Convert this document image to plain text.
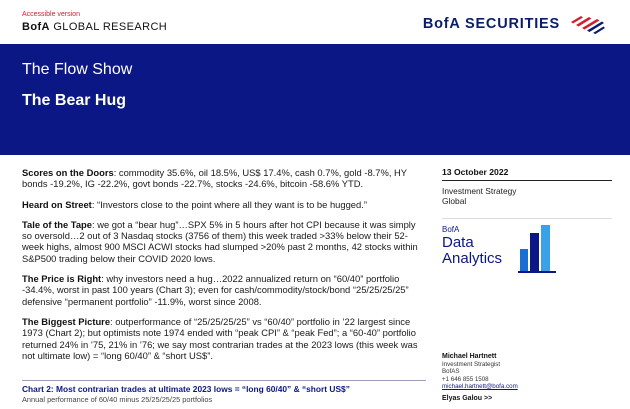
Accessible version
BofA GLOBAL RESEARCH	BofA SECURITIES
The Flow Show
The Bear Hug

Scores on the Doors: commodity 35.6%, oil 18.5%, US$ 17.4%, cash 0.7%, gold -8.7%, HY bonds -19.2%, IG -22.2%, govt bonds -22.7%, stocks -24.6%, bitcoin -58.6% YTD.

Heard on Street: “Investors close to the point where all they want is to be hugged.”

Tale of the Tape: we got a “bear hug”…SPX 5% in 5 hours after hot CPI because it was simply so oversold…2 out of 3 Nasdaq stocks (3756 of them) this week traded >33% below their 52-week highs, almost 900 MSCI ACWI stocks had slumped >20% past 2 months, 42 stocks within S&P500 trading below their COVID 2020 lows.

The Price is Right: why investors need a hug…2022 annualized return on “60/40” portfolio -34.4%, worst in past 100 years (Chart 3); even for cash/commodity/stock/bond “25/25/25/25” defensive “permanent portfolio” -11.9%, worst since 2008.

The Biggest Picture: outperformance of “25/25/25/25” vs “60/40” portfolio in ’22 largest since 1973 (Chart 2); but optimists note 1974 ended with “peak CPI” & “peak Fed”; a “60-40” portfolio returned 24% in ’75, 21% in ’76; we say most contrarian trades at the 2023 lows (this week was not ultimate low) = “long 60/40” & “short US$”.

Chart 2: Most contrarian trades at ultimate 2023 lows = “long 60/40” & “short US$”
Annual performance of 60/40 minus 25/25/25/25 portfolios
13 October 2022
Investment Strategy
Global
BofA
Data
Analytics
Michael Hartnett
Investment Strategist
BofAS
+1 646 855 1508
michael.hartnett@bofa.com
Elyas Galou >>
